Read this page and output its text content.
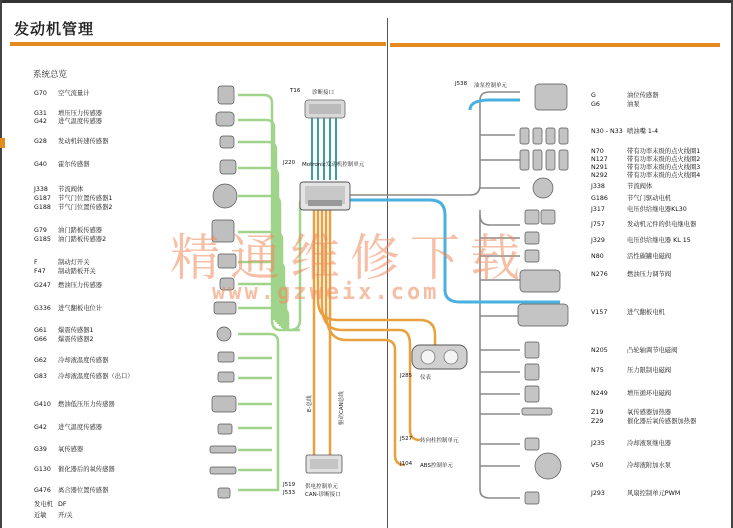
发动机管理
系统总览
G70 空气流量计
G31 增压压力传感器
G42 进气温度传感器
G28 发动机转速传感器
G40 霍尔传感器
J338 节流阀体
G187 节气门位置传感器1
G188 节气门位置传感器2
G79 油门踏板传感器
G185 油门踏板传感器2
F	制动灯开关
F47 制动踏板开关
G247 燃油压力传感器
G336 进气翻板电位计
G61 爆震传感器1
G66 爆震传感器2
G62 冷却液温度传感器
G83 冷却液温度传感器（出口）
G410 燃油低压压力传感器
G42 进气温度传感器
G39 氧传感器
G130 催化器后的氧传感器
G476 离合器位置传感器
发电机 DF
近敏 开/关
G	油位传感器
G6	油泵
N30 - N33 喷油嘴 1-4
N70	带有功率末级的点火线圈1
N127	带有功率末级的点火线圈2
N291	带有功率末级的点火线圈3
N292	带有功率末级的点火线圈4
J338	节流阀体
G186	节气门驱动电机
J317	电压供给继电器KL30
J757	发动机元件的供电继电器
J329	电压供给继电器 KL 15
N80	活性碳罐电磁阀
N276	燃油压力调节阀
V157	进气翻板电机
N205	凸轮轴调节电磁阀
N75	压力限制电磁阀
N249	增压循环电磁阀
Z19	氧传感器加热器
Z29	催化器后氧传感器加热器
J235	冷却液泵继电器
V50	冷却液附加水泵
J293	风扇控制单元PWM
T16 诊断接口
J220 Motronic发动机控制单元
J538 油泵控制单元
J285 仪表
J527 转向柱控制单元
J104 ABS控制单元
J519 供电控制单元
J533 CAN-诊断接口
E-总线	驱动CAN总线
精通维修下载
www.gzweix.com
